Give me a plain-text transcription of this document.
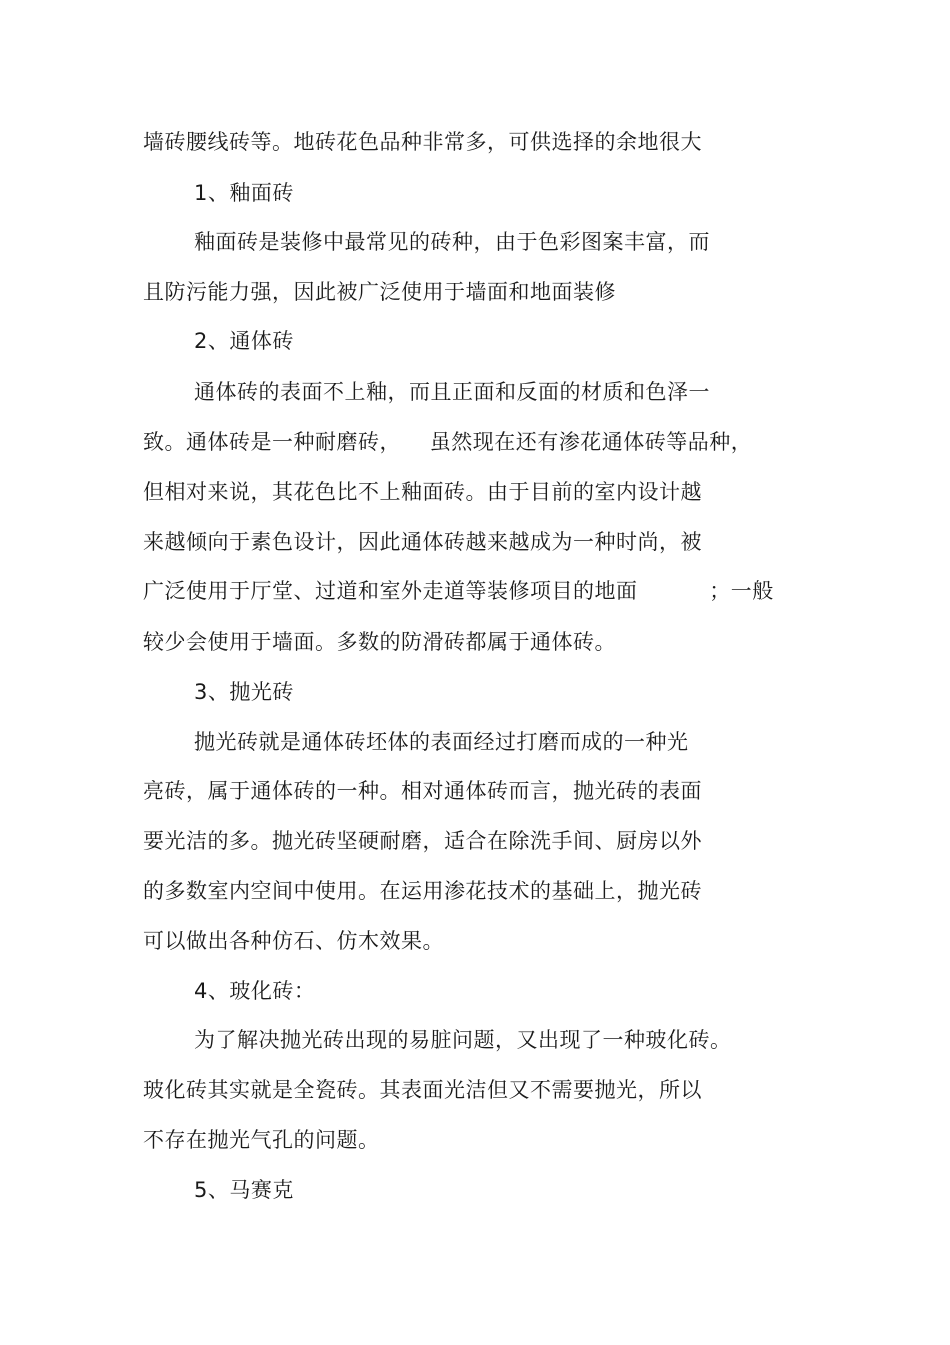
墙砖腰线砖等。地砖花色品种非常多，可供选择的余地很大
1、釉面砖
釉面砖是装修中最常见的砖种，由于色彩图案丰富，而
且防污能力强，因此被广泛使用于墙面和地面装修
2、通体砖
通体砖的表面不上釉，而且正面和反面的材质和色泽一
致。通体砖是一种耐磨砖，    虽然现在还有渗花通体砖等品种，
但相对来说，其花色比不上釉面砖。由于目前的室内设计越
来越倾向于素色设计，因此通体砖越来越成为一种时尚，被
广泛使用于厅堂、过道和室外走道等装修项目的地面          ；一般
较少会使用于墙面。多数的防滑砖都属于通体砖。
3、抛光砖
抛光砖就是通体砖坯体的表面经过打磨而成的一种光
亮砖，属于通体砖的一种。相对通体砖而言，抛光砖的表面
要光洁的多。抛光砖坚硬耐磨，适合在除洗手间、厨房以外
的多数室内空间中使用。在运用渗花技术的基础上，抛光砖
可以做出各种仿石、仿木效果。
4、玻化砖：
为了解决抛光砖出现的易脏问题，又出现了一种玻化砖。
玻化砖其实就是全瓷砖。其表面光洁但又不需要抛光，所以
不存在抛光气孔的问题。
5、马赛克
